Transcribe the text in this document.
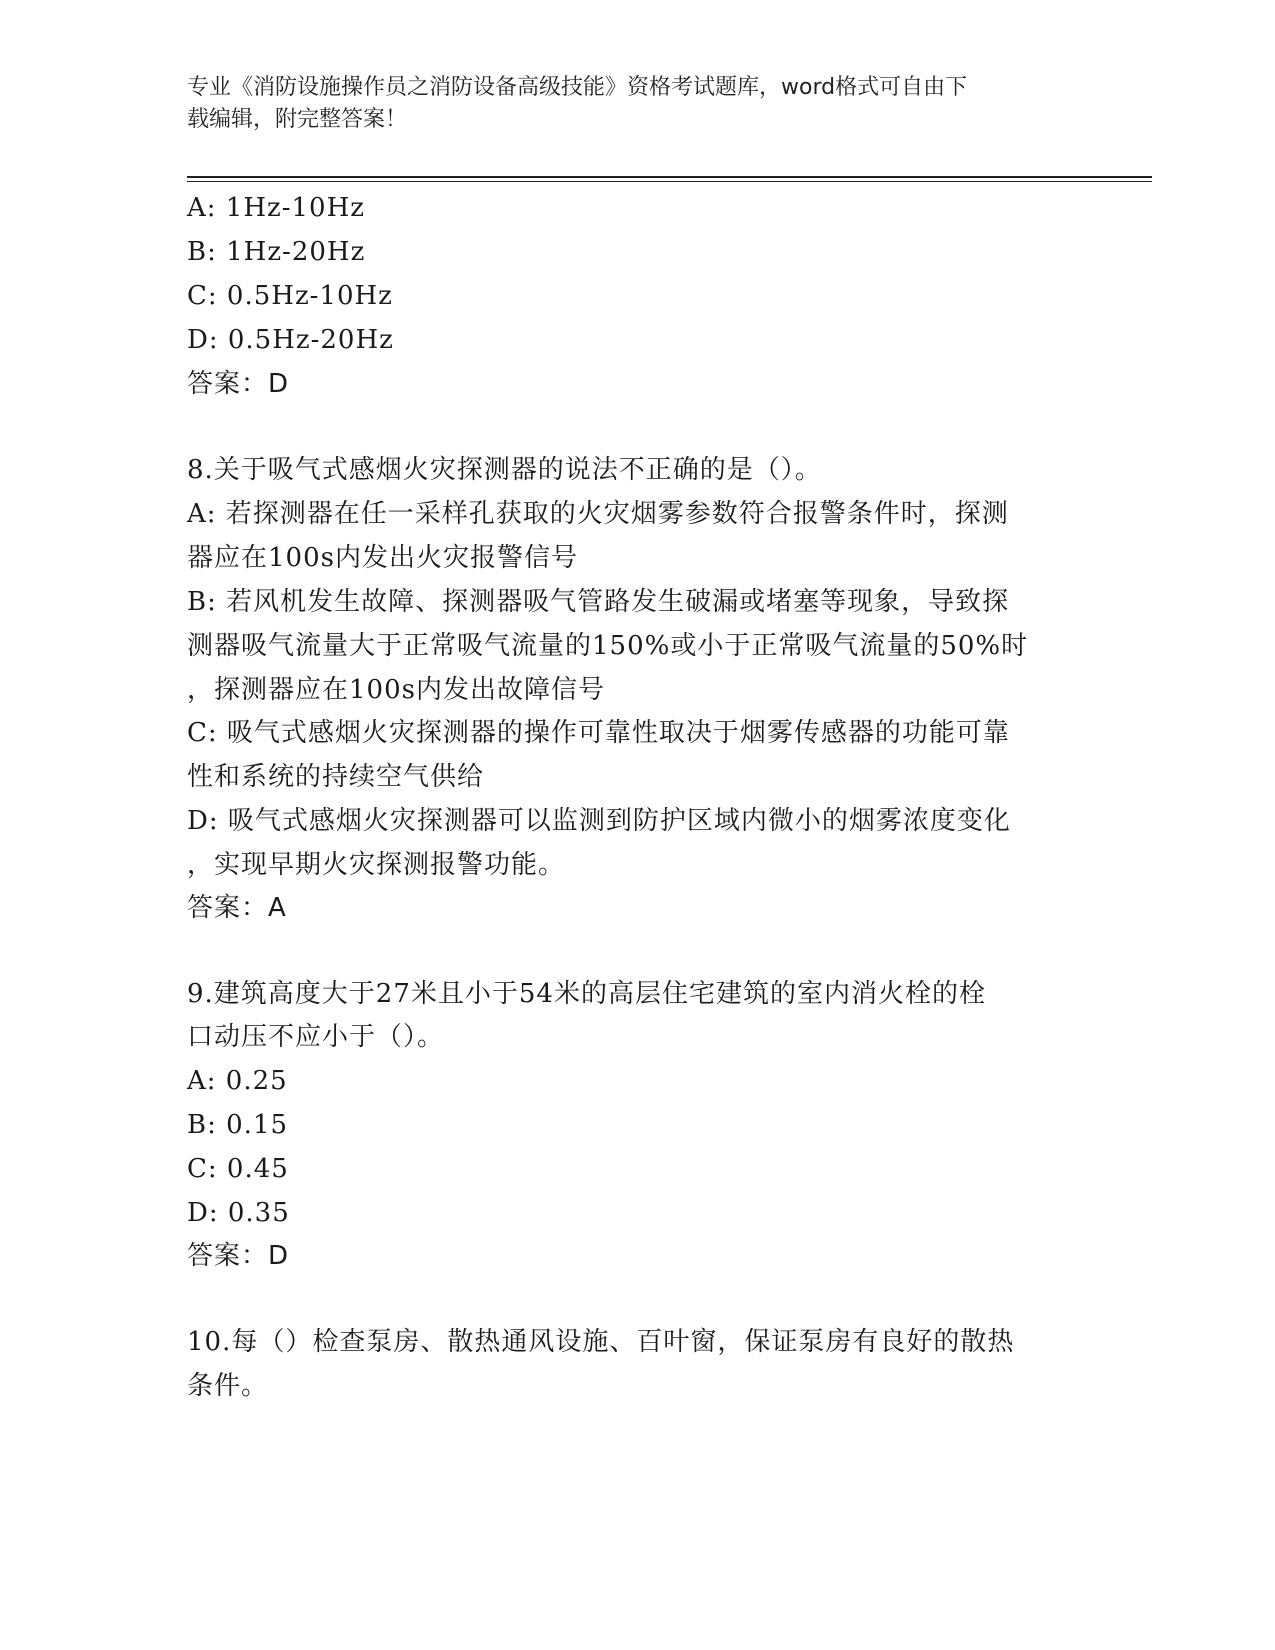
专业《消防设施操作员之消防设备高级技能》资格考试题库，word格式可自由下
载编辑，附完整答案！
A: 1Hz-10Hz
B: 1Hz-20Hz
C: 0.5Hz-10Hz
D: 0.5Hz-20Hz
答案：D
8.关于吸气式感烟火灾探测器的说法不正确的是（）。
A: 若探测器在任一采样孔获取的火灾烟雾参数符合报警条件时，探测
器应在100s内发出火灾报警信号
B: 若风机发生故障、探测器吸气管路发生破漏或堵塞等现象，导致探
测器吸气流量大于正常吸气流量的150%或小于正常吸气流量的50%时
，探测器应在100s内发出故障信号
C: 吸气式感烟火灾探测器的操作可靠性取决于烟雾传感器的功能可靠
性和系统的持续空气供给
D: 吸气式感烟火灾探测器可以监测到防护区域内微小的烟雾浓度变化
，实现早期火灾探测报警功能。
答案：A
9.建筑高度大于27米且小于54米的高层住宅建筑的室内消火栓的栓
口动压不应小于（）。
A: 0.25
B: 0.15
C: 0.45
D: 0.35
答案：D
10.每（）检查泵房、散热通风设施、百叶窗，保证泵房有良好的散热
条件。
